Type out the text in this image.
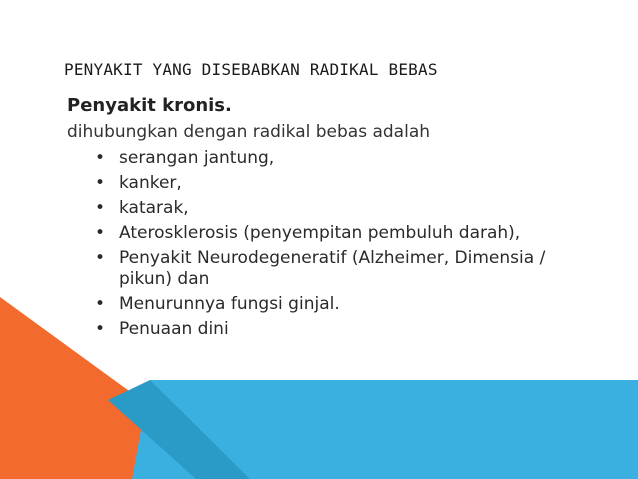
PENYAKIT YANG DISEBABKAN RADIKAL BEBAS

Penyakit kronis.

dihubungkan dengan radikal bebas adalah

• serangan jantung,
• kanker,
• katarak,
• Aterosklerosis (penyempitan pembuluh darah),
• Penyakit Neurodegeneratif (Alzheimer, Dimensia / pikun) dan
• Menurunnya fungsi ginjal.
• Penuaan dini
